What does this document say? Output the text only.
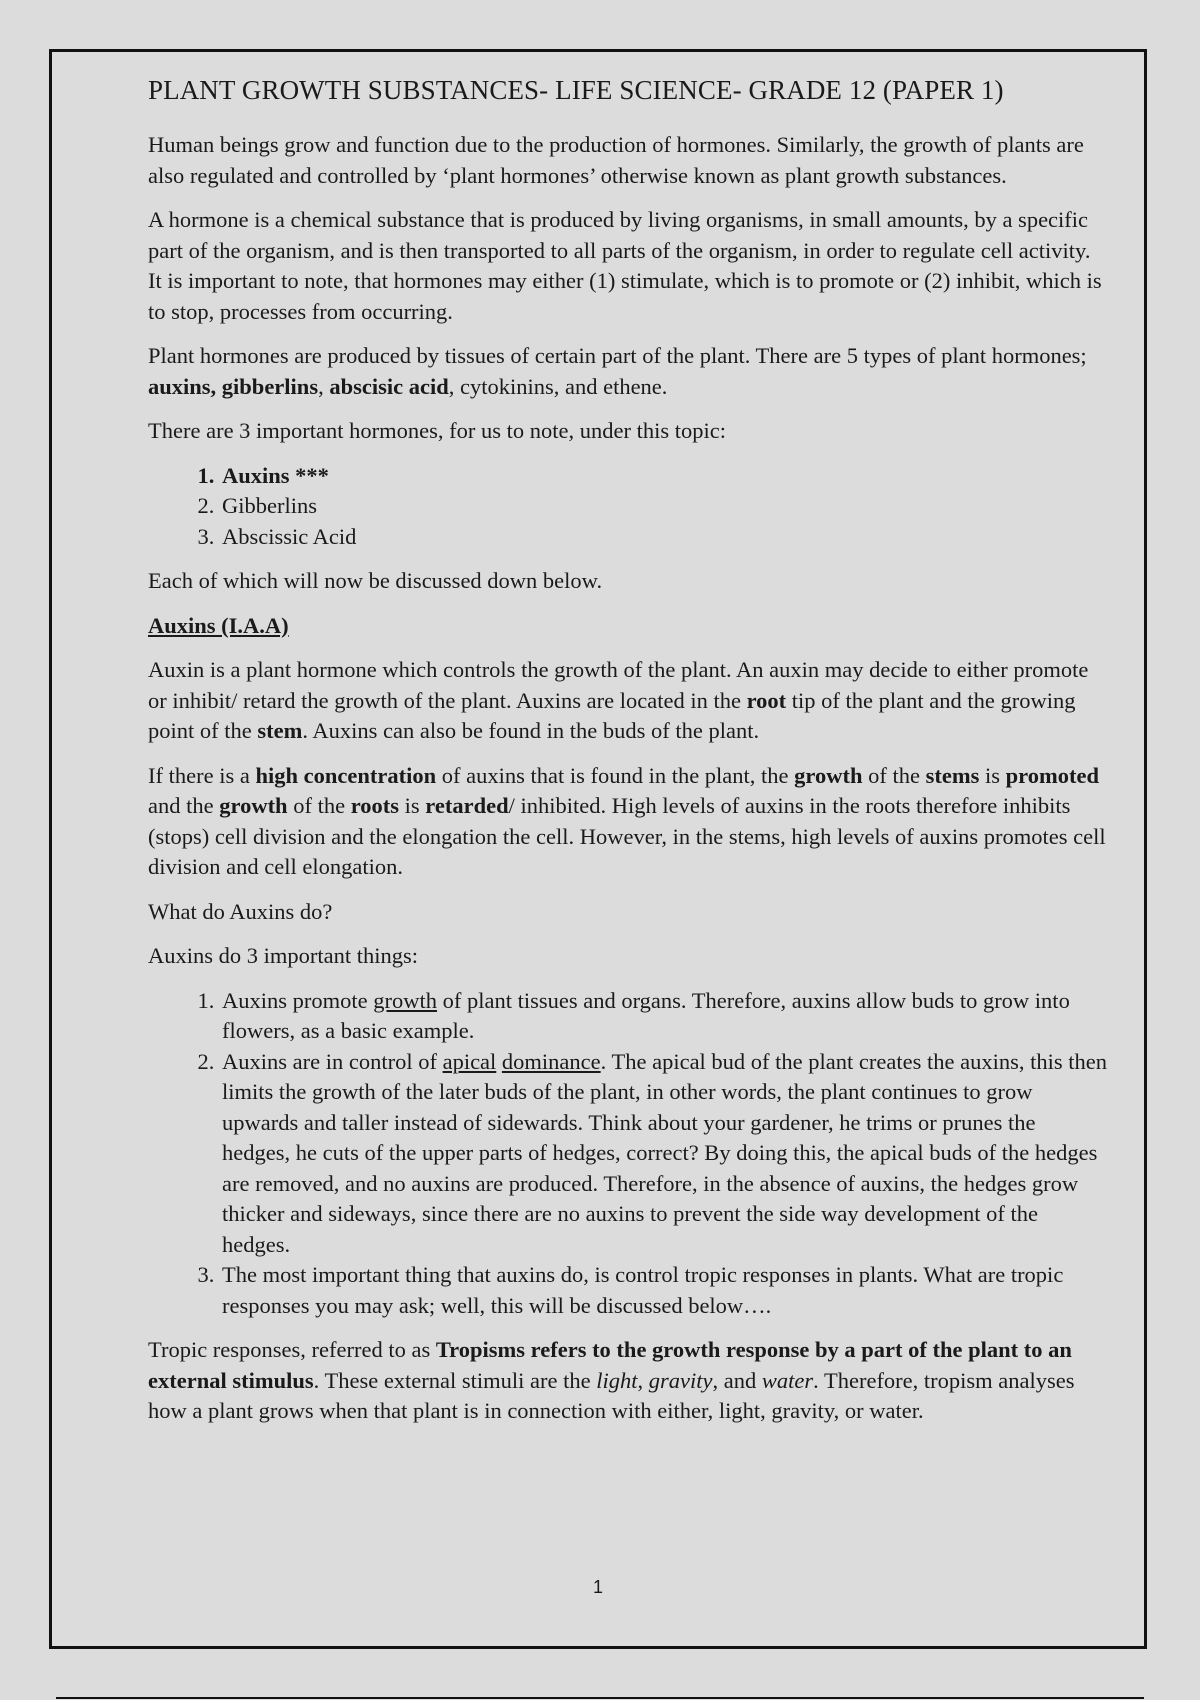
PLANT GROWTH SUBSTANCES- LIFE SCIENCE- GRADE 12 (PAPER 1)

Human beings grow and function due to the production of hormones. Similarly, the growth of plants are also regulated and controlled by ‘plant hormones’ otherwise known as plant growth substances.

A hormone is a chemical substance that is produced by living organisms, in small amounts, by a specific part of the organism, and is then transported to all parts of the organism, in order to regulate cell activity. It is important to note, that hormones may either (1) stimulate, which is to promote or (2) inhibit, which is to stop, processes from occurring.

Plant hormones are produced by tissues of certain part of the plant. There are 5 types of plant hormones; auxins, gibberlins, abscisic acid, cytokinins, and ethene.

There are 3 important hormones, for us to note, under this topic:

1. Auxins ***
2. Gibberlins
3. Abscissic Acid

Each of which will now be discussed down below.

Auxins (I.A.A)

Auxin is a plant hormone which controls the growth of the plant. An auxin may decide to either promote or inhibit/ retard the growth of the plant. Auxins are located in the root tip of the plant and the growing point of the stem. Auxins can also be found in the buds of the plant.

If there is a high concentration of auxins that is found in the plant, the growth of the stems is promoted and the growth of the roots is retarded/ inhibited. High levels of auxins in the roots therefore inhibits (stops) cell division and the elongation the cell. However, in the stems, high levels of auxins promotes cell division and cell elongation.

What do Auxins do?

Auxins do 3 important things:

1. Auxins promote growth of plant tissues and organs. Therefore, auxins allow buds to grow into flowers, as a basic example.
2. Auxins are in control of apical dominance. The apical bud of the plant creates the auxins, this then limits the growth of the later buds of the plant, in other words, the plant continues to grow upwards and taller instead of sidewards. Think about your gardener, he trims or prunes the hedges, he cuts of the upper parts of hedges, correct? By doing this, the apical buds of the hedges are removed, and no auxins are produced. Therefore, in the absence of auxins, the hedges grow thicker and sideways, since there are no auxins to prevent the side way development of the hedges.
3. The most important thing that auxins do, is control tropic responses in plants. What are tropic responses you may ask; well, this will be discussed below….

Tropic responses, referred to as Tropisms refers to the growth response by a part of the plant to an external stimulus. These external stimuli are the light, gravity, and water. Therefore, tropism analyses how a plant grows when that plant is in connection with either, light, gravity, or water.

1
